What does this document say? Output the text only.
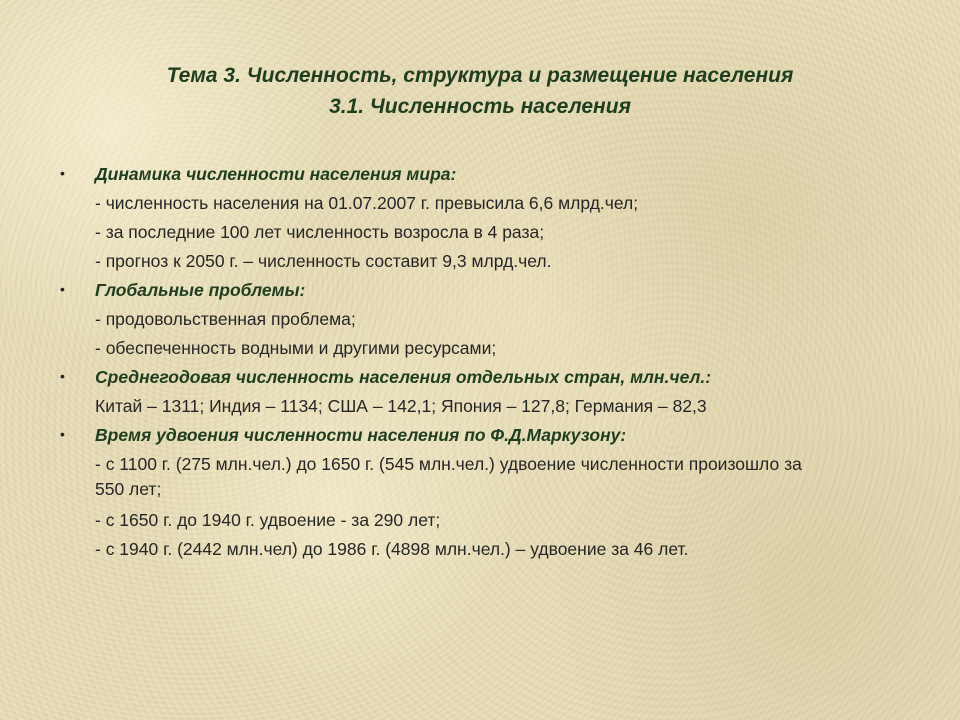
Тема 3. Численность, структура и размещение населения
3.1. Численность населения
• Динамика численности населения мира:
- численность населения на 01.07.2007 г. превысила 6,6 млрд.чел;
- за последние 100 лет численность возросла в 4 раза;
- прогноз к 2050 г. – численность составит 9,3 млрд.чел.
• Глобальные проблемы:
- продовольственная проблема;
- обеспеченность водными и другими ресурсами;
• Среднегодовая численность населения отдельных стран, млн.чел.:
Китай – 1311; Индия – 1134; США – 142,1; Япония – 127,8; Германия – 82,3
• Время удвоения численности населения по Ф.Д.Маркузону:
- с 1100 г. (275 млн.чел.) до 1650 г. (545 млн.чел.) удвоение численности произошло за 550 лет;
- с 1650 г. до 1940 г. удвоение - за 290 лет;
- с 1940 г. (2442 млн.чел) до 1986 г. (4898 млн.чел.) – удвоение за 46 лет.
